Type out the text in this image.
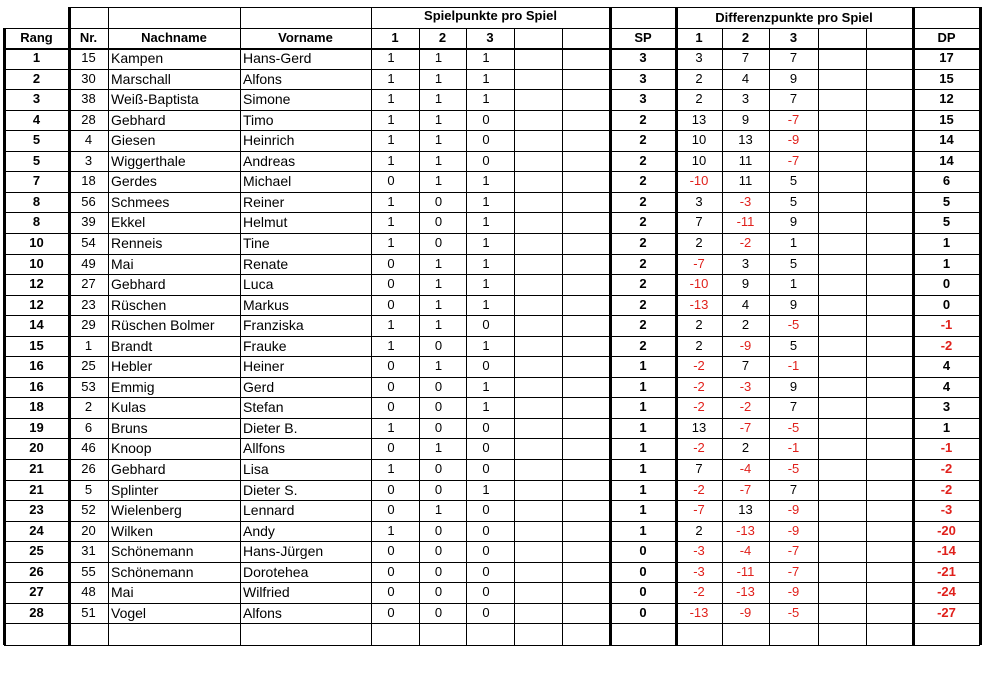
Spielpunkte pro Spiel	Differenzpunkte pro Spiel
Rang	Nr.	Nachname	Vorname	1	2	3	SP	1	2	3	DP
1	15	Kampen	Hans-Gerd	1	1	1	3	3	7	7	17
2	30	Marschall	Alfons	1	1	1	3	2	4	9	15
3	38	Weiß-Baptista	Simone	1	1	1	3	2	3	7	12
4	28	Gebhard	Timo	1	1	0	2	13	9	-7	15
5	4	Giesen	Heinrich	1	1	0	2	10	13	-9	14
5	3	Wiggerthale	Andreas	1	1	0	2	10	11	-7	14
7	18	Gerdes	Michael	0	1	1	2	-10	11	5	6
8	56	Schmees	Reiner	1	0	1	2	3	-3	5	5
8	39	Ekkel	Helmut	1	0	1	2	7	-11	9	5
10	54	Renneis	Tine	1	0	1	2	2	-2	1	1
10	49	Mai	Renate	0	1	1	2	-7	3	5	1
12	27	Gebhard	Luca	0	1	1	2	-10	9	1	0
12	23	Rüschen	Markus	0	1	1	2	-13	4	9	0
14	29	Rüschen Bolmer	Franziska	1	1	0	2	2	2	-5	-1
15	1	Brandt	Frauke	1	0	1	2	2	-9	5	-2
16	25	Hebler	Heiner	0	1	0	1	-2	7	-1	4
16	53	Emmig	Gerd	0	0	1	1	-2	-3	9	4
18	2	Kulas	Stefan	0	0	1	1	-2	-2	7	3
19	6	Bruns	Dieter B.	1	0	0	1	13	-7	-5	1
20	46	Knoop	Allfons	0	1	0	1	-2	2	-1	-1
21	26	Gebhard	Lisa	1	0	0	1	7	-4	-5	-2
21	5	Splinter	Dieter S.	0	0	1	1	-2	-7	7	-2
23	52	Wielenberg	Lennard	0	1	0	1	-7	13	-9	-3
24	20	Wilken	Andy	1	0	0	1	2	-13	-9	-20
25	31	Schönemann	Hans-Jürgen	0	0	0	0	-3	-4	-7	-14
26	55	Schönemann	Dorotehea	0	0	0	0	-3	-11	-7	-21
27	48	Mai	Wilfried	0	0	0	0	-2	-13	-9	-24
28	51	Vogel	Alfons	0	0	0	0	-13	-9	-5	-27
